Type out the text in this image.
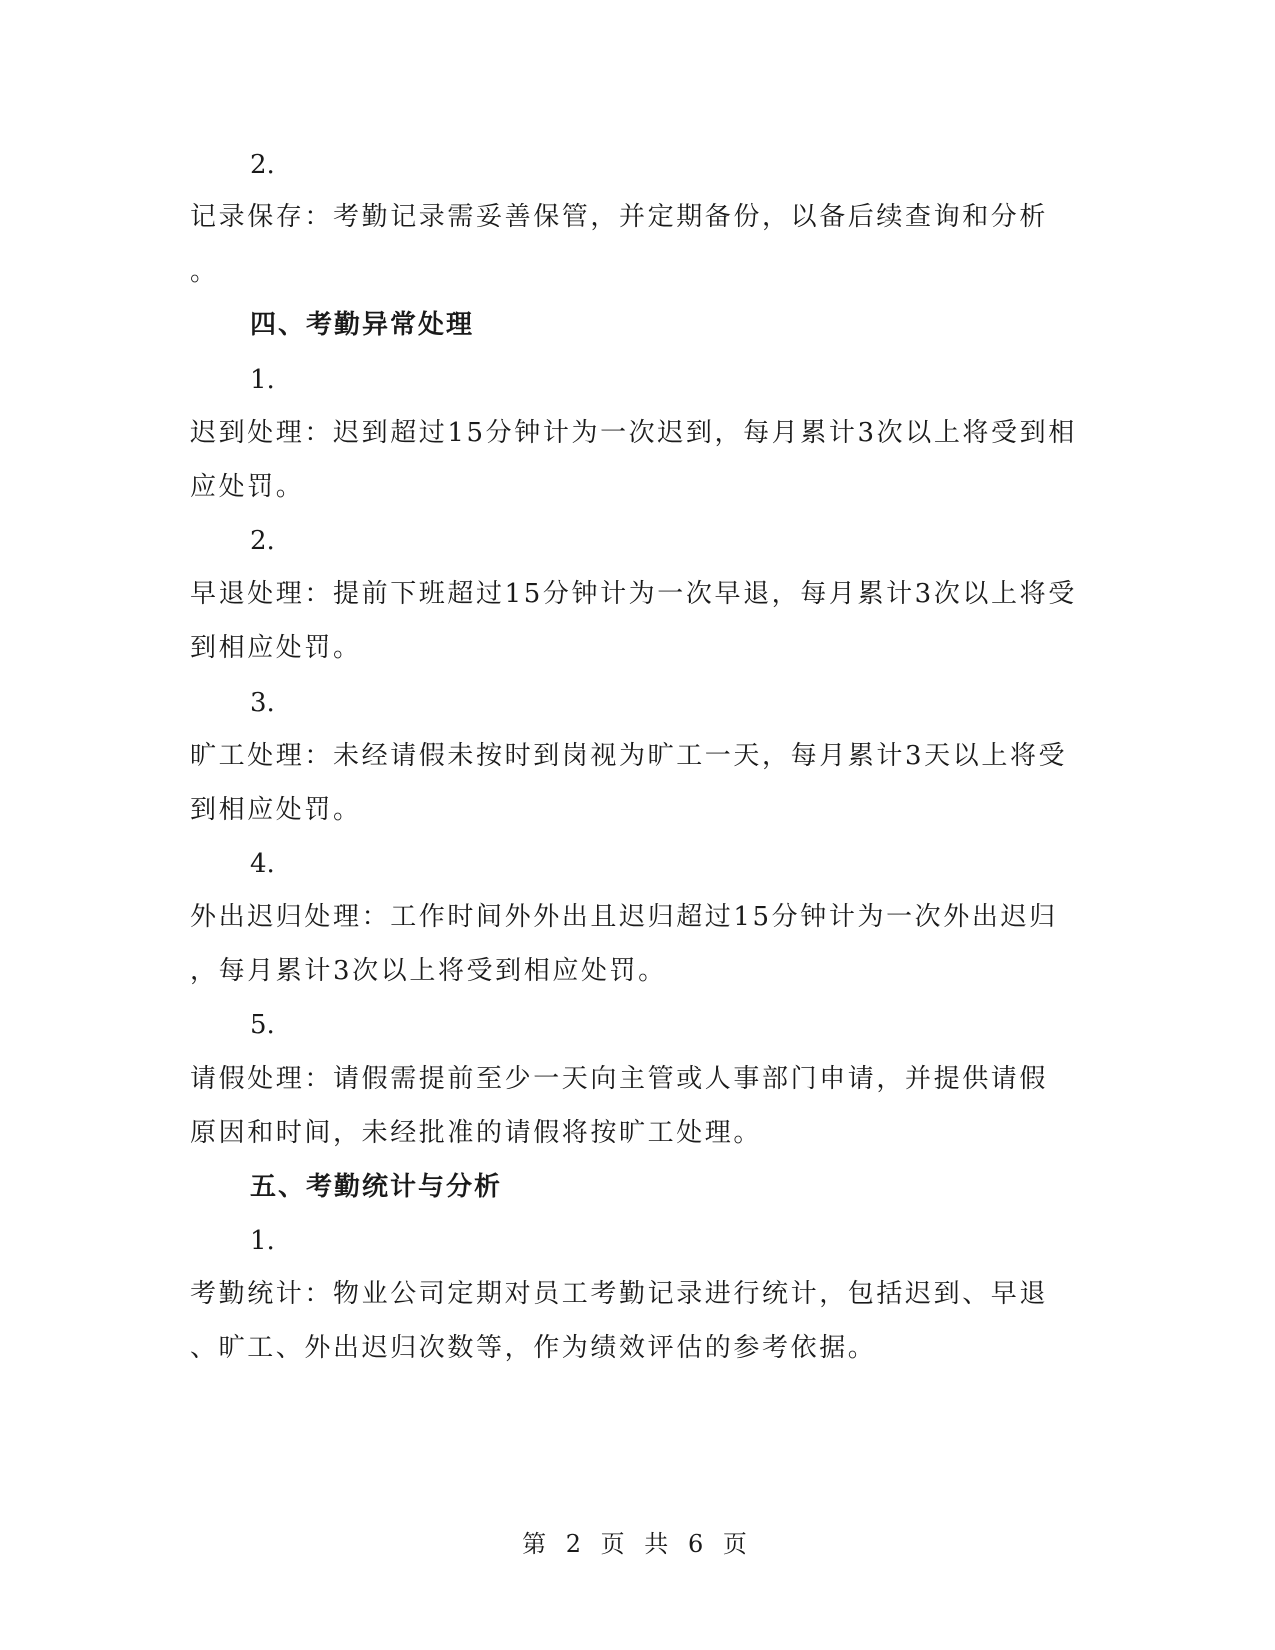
2.
记录保存：考勤记录需妥善保管，并定期备份，以备后续查询和分析
。
四、考勤异常处理
1.
迟到处理：迟到超过15分钟计为一次迟到，每月累计3次以上将受到相
应处罚。
2.
早退处理：提前下班超过15分钟计为一次早退，每月累计3次以上将受
到相应处罚。
3.
旷工处理：未经请假未按时到岗视为旷工一天，每月累计3天以上将受
到相应处罚。
4.
外出迟归处理：工作时间外外出且迟归超过15分钟计为一次外出迟归
，每月累计3次以上将受到相应处罚。
5.
请假处理：请假需提前至少一天向主管或人事部门申请，并提供请假
原因和时间，未经批准的请假将按旷工处理。
五、考勤统计与分析
1.
考勤统计：物业公司定期对员工考勤记录进行统计，包括迟到、早退
、旷工、外出迟归次数等，作为绩效评估的参考依据。
第 2 页 共 6 页
